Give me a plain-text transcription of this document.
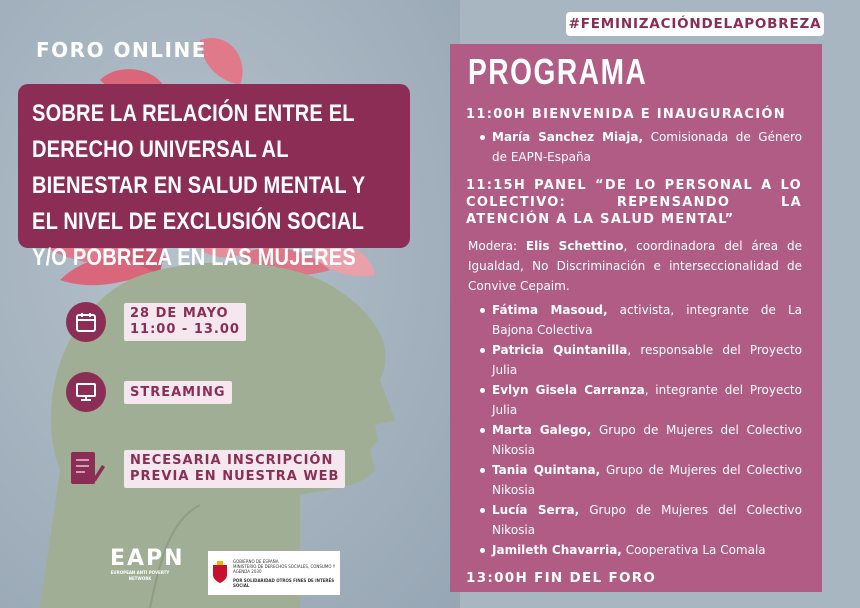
#FEMINIZACIÓNDELAPOBREZA
FORO ONLINE
SOBRE LA RELACIÓN ENTRE EL DERECHO UNIVERSAL AL BIENESTAR EN SALUD MENTAL Y EL NIVEL DE EXCLUSIÓN SOCIAL Y/O POBREZA EN LAS MUJERES
28 DE MAYO
11:00 - 13.00
STREAMING
NECESARIA INSCRIPCIÓN
PREVIA EN NUESTRA WEB
EAPN
EUROPEAN ANTI POVERTY NETWORK
GOBIERNO DE ESPAÑA
MINISTERIO DE DERECHOS SOCIALES, CONSUMO Y AGENDA 2030
POR SOLIDARIDAD OTROS FINES DE INTERÉS SOCIAL
PROGRAMA
11:00H BIENVENIDA E INAUGURACIÓN
María Sanchez Miaja, Comisionada de Género de EAPN-España
11:15H PANEL “DE LO PERSONAL A LO COLECTIVO: REPENSANDO LA ATENCIÓN A LA SALUD MENTAL”
Modera: Elis Schettino, coordinadora del área de Igualdad, No Discriminación e interseccionalidad de Convive Cepaim.
Fátima Masoud, activista, integrante de La Bajona Colectiva
Patricia Quintanilla, responsable del Proyecto Julia
Evlyn Gisela Carranza, integrante del Proyecto Julia
Marta Galego, Grupo de Mujeres del Colectivo Nikosia
Tania Quintana, Grupo de Mujeres del Colectivo Nikosia
Lucía Serra, Grupo de Mujeres del Colectivo Nikosia
Jamileth Chavarria, Cooperativa La Comala
13:00H FIN DEL FORO
